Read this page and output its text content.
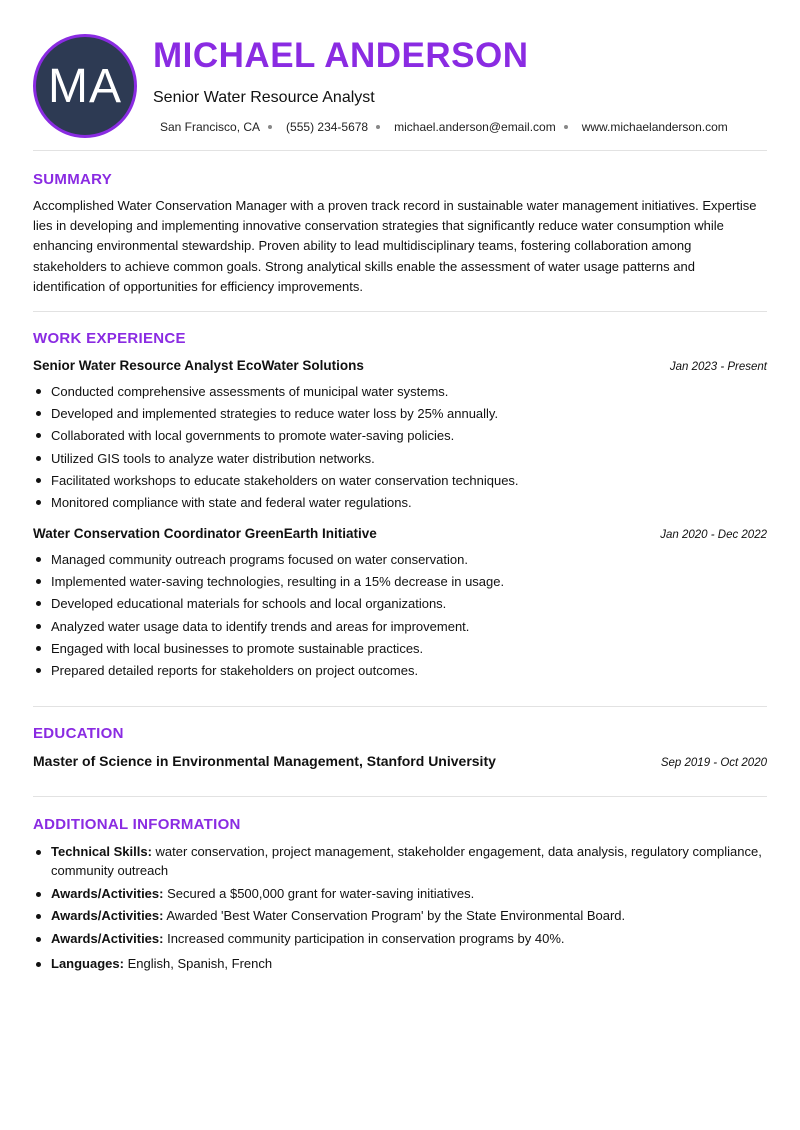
MA
MICHAEL ANDERSON
Senior Water Resource Analyst
San Francisco, CA (555) 234-5678 michael.anderson@email.com www.michaelanderson.com
SUMMARY
Accomplished Water Conservation Manager with a proven track record in sustainable water management initiatives. Expertise lies in developing and implementing innovative conservation strategies that significantly reduce water consumption while enhancing environmental stewardship. Proven ability to lead multidisciplinary teams, fostering collaboration among stakeholders to achieve common goals. Strong analytical skills enable the assessment of water usage patterns and identification of opportunities for efficiency improvements.
WORK EXPERIENCE
Senior Water Resource Analyst EcoWater Solutions	Jan 2023 - Present
Conducted comprehensive assessments of municipal water systems.
Developed and implemented strategies to reduce water loss by 25% annually.
Collaborated with local governments to promote water-saving policies.
Utilized GIS tools to analyze water distribution networks.
Facilitated workshops to educate stakeholders on water conservation techniques.
Monitored compliance with state and federal water regulations.
Water Conservation Coordinator GreenEarth Initiative	Jan 2020 - Dec 2022
Managed community outreach programs focused on water conservation.
Implemented water-saving technologies, resulting in a 15% decrease in usage.
Developed educational materials for schools and local organizations.
Analyzed water usage data to identify trends and areas for improvement.
Engaged with local businesses to promote sustainable practices.
Prepared detailed reports for stakeholders on project outcomes.
EDUCATION
Master of Science in Environmental Management, Stanford University	Sep 2019 - Oct 2020
ADDITIONAL INFORMATION
Technical Skills: water conservation, project management, stakeholder engagement, data analysis, regulatory compliance, community outreach
Awards/Activities: Secured a $500,000 grant for water-saving initiatives.
Awards/Activities: Awarded 'Best Water Conservation Program' by the State Environmental Board.
Awards/Activities: Increased community participation in conservation programs by 40%.
Languages: English, Spanish, French
